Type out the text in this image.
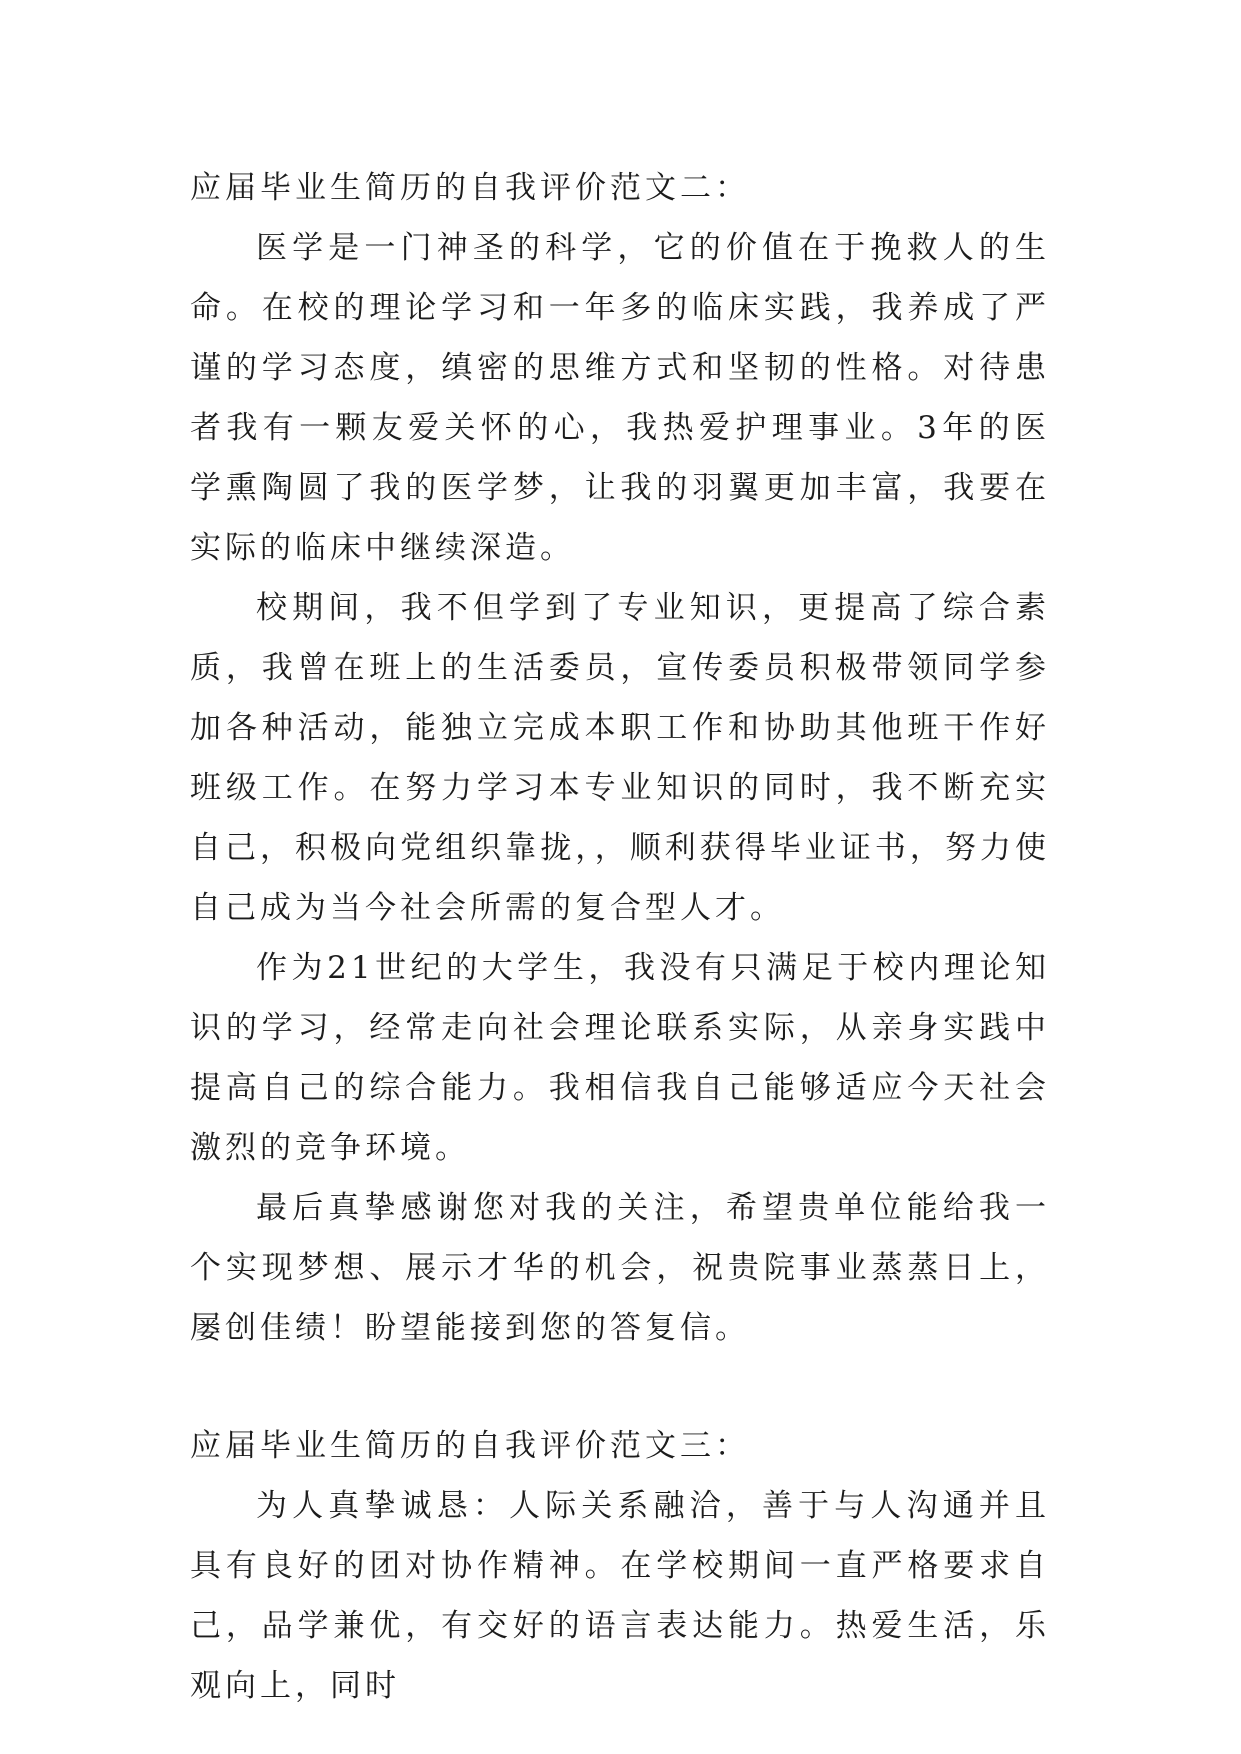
应届毕业生简历的自我评价范文二：

医学是一门神圣的科学，它的价值在于挽救人的生命。在校的理论学习和一年多的临床实践，我养成了严谨的学习态度，缜密的思维方式和坚韧的性格。对待患者我有一颗友爱关怀的心，我热爱护理事业。3年的医学熏陶圆了我的医学梦，让我的羽翼更加丰富，我要在实际的临床中继续深造。

校期间，我不但学到了专业知识，更提高了综合素质，我曾在班上的生活委员，宣传委员积极带领同学参加各种活动，能独立完成本职工作和协助其他班干作好班级工作。在努力学习本专业知识的同时，我不断充实自己，积极向党组织靠拢，，顺利获得毕业证书，努力使自己成为当今社会所需的复合型人才。

作为21世纪的大学生，我没有只满足于校内理论知识的学习，经常走向社会理论联系实际，从亲身实践中提高自己的综合能力。我相信我自己能够适应今天社会激烈的竞争环境。

最后真挚感谢您对我的关注，希望贵单位能给我一个实现梦想、展示才华的机会，祝贵院事业蒸蒸日上，屡创佳绩！盼望能接到您的答复信。

应届毕业生简历的自我评价范文三：

为人真挚诚恳：人际关系融洽，善于与人沟通并且具有良好的团对协作精神。在学校期间一直严格要求自己，品学兼优，有交好的语言表达能力。热爱生活，乐观向上，同时
